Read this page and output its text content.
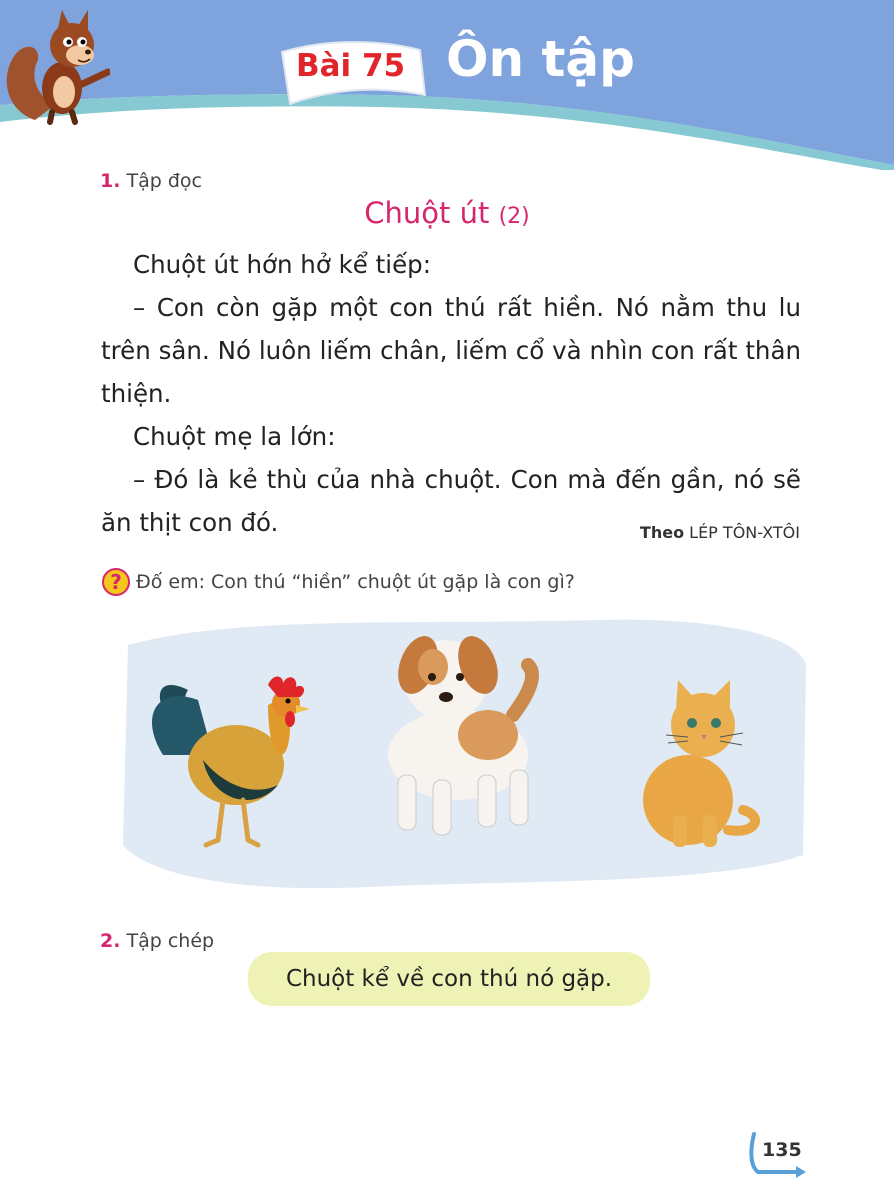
Bài 75 Ôn tập
1. Tập đọc
Chuột út (2)

Chuột út hớn hở kể tiếp:

– Con còn gặp một con thú rất hiền. Nó nằm thu lu trên sân. Nó luôn liếm chân, liếm cổ và nhìn con rất thân thiện.

Chuột mẹ la lớn:

– Đó là kẻ thù của nhà chuột. Con mà đến gần, nó sẽ ăn thịt con đó.	Theo LÉP TÔN-XTÔI
? Đố em: Con thú “hiền” chuột út gặp là con gì?
2. Tập chép
Chuột kể về con thú nó gặp.
135
